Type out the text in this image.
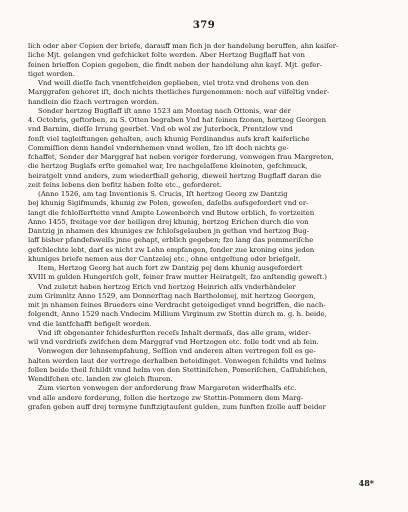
379
lich oder aber Copien der briefe, darauff man fich jn der handelung beruffen, ahn kaiſer-
liche Mjt. gelangen vnd gefchicket folte werden. Aber Hertzog Bugflaff hat von
feinen brieffen Copien gegeben, die findt neben der handelung ahn kayſ. Mjt. gefer-
tiget worden.
Vnd weill dieſſe fach vnentfcheiden geplieben, viel trotz vnd drohens von den
Marggrafen gehoret iſt, doch nichts thetliches furgenommen: noch auf vilfeltig vnder-
handlein die fzach vertragen worden.
Sonder hertzog Bugflaff iſt anno 1523 am Montag nach Ottonis, war der
4. Octobris, geftorben, zu S. Otten begraben Vnd hat feinen fzonen, hertzog Georgen
vnd Barnim, dieſſe Irrung geerbet. Vnd ob wol zw Juterbock, Prentzlow vnd
fonſt viel tagleiftungen gehalten, auch khunig Ferdinandus aufs kraft kaiferliche
Commiſſion denn handel vndernhemen vnnd wollen, fzo iſt doch nichts ge-
fchaffet, Sonder der Marggraf hat neben voriger forderung, vonwegen frau Margreten,
die hertzog Buglafs erſte gemahel war, Ire nachgelaſſene kleinoten, gefchmuck,
heiratgelt vnnd anders, zum wiederfhall gehorig, dieweil hertzog Bugflaff daran die
zeit feins lebens den befitz haben folte etc., geforderet.
(Anno 1526, am tag Inventionis S. Crucis, Iſt hertzog Georg zw Dantzig
bej khunig Sigifmunds, khunig zw Polen, geweſen, daſelbs aufsgefordert vnd er-
langt die fchloſſerftette vnnd Ampte Lowenborch vnd Butow erblich, fo vortzeiten
Anno 1455, freitage vor der heiligen drej khunig, hertzog Erichen durch die von
Dantzig jn nhamen des khuniges zw fchloſsgelauben jn gethan vnd hertzog Bug-
laff bisher pfandefsweiſs jnne gehapt, erblich gegeben; fzo lang das pommeriſche
gefchlechte lebt, darf es nicht zw Lehn empfangen, fonder zue kroning eins jeden
khuniges briefe nemen aus der Cantzelej etc., ohne entgeltung oder briefgelt.
Item, Hertzog Georg hat auch fort zw Dantzig pej dem khunig ausgefordert
XVIII m gulden Hungeriſch golt, feiner fraw mutter Heiratgelt, fzo anſtendig geweſt.)
Vnd zuletzt haben hertzog Erich vnd hertzog Heinrich alſs vnderhändeler
zum Grimnitz Anno 1529, am Donnerſtag nach Bartholomej, mit hertzog Georgen,
mit jn nhamen feines Brueders eine Verdracht geteigediget vnnd begriffen, die nach-
folgendt, Anno 1529 nach Vndecim Millium Virginum zw Stettin durch m. g. h. beide,
vnd die lantfchafft befigelt worden.
Vnd iſt obgenanter fchidesfurften receſs Inhalt dermaſs, das alle gram, wider-
wil vnd verdriefs zwifchen dem Marggraf vnd Hertzogen etc. folle todt vnd ab fein.
Vonwegen der lehnsempfahung, Seſſion vnd anderen alten vertregen foll es ge-
halten werden laut der vertrege derhalben beteidinget. Vonwegen fchildts vnd helms
follen beide theil fchildt vnnd helm von den Stettiniſchen, Pomeriſchen, Caſſubiſchen,
Wendifchen etc. landen zw gleich fhuren.
Zum vierten vonwegen der anforderung fraw Margareten widerfhalfs etc.
vnd alle andere forderung, follen die hertzoge zw Stettin-Pommern dem Marg-
grafen geben auff drej termyne funftzigtauſent gulden, zum funften fzolle auff beider
48*
